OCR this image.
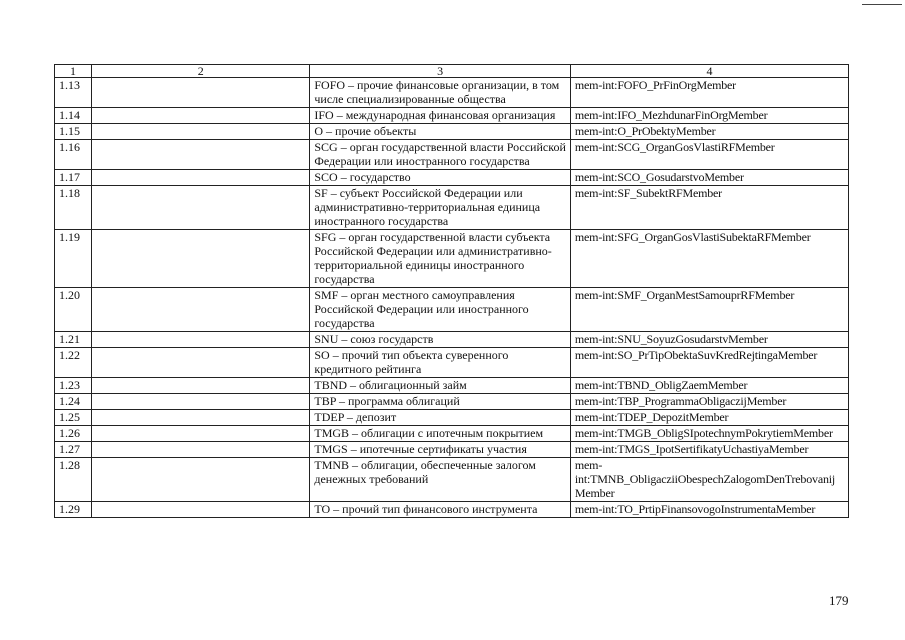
1	2	3	4
1.13		FOFO – прочие финансовые организации, в том числе специализированные общества	mem-int:FOFO_PrFinOrgMember
1.14		IFO – международная финансовая организация	mem-int:IFO_MezhdunarFinOrgMember
1.15		O – прочие объекты	mem-int:O_PrObektyMember
1.16		SCG – орган государственной власти Российской Федерации или иностранного государства	mem-int:SCG_OrganGosVlastiRFMember
1.17		SCO – государство	mem-int:SCO_GosudarstvoMember
1.18		SF – субъект Российской Федерации или административно-территориальная единица иностранного государства	mem-int:SF_SubektRFMember
1.19		SFG – орган государственной власти субъекта Российской Федерации или административно-территориальной единицы иностранного государства	mem-int:SFG_OrganGosVlastiSubektaRFMember
1.20		SMF – орган местного самоуправления Российской Федерации или иностранного государства	mem-int:SMF_OrganMestSamouprRFMember
1.21		SNU – союз государств	mem-int:SNU_SoyuzGosudarstvMember
1.22		SO – прочий тип объекта суверенного кредитного рейтинга	mem-int:SO_PrTipObektaSuvKredRejtingaMember
1.23		TBND – облигационный займ	mem-int:TBND_ObligZaemMember
1.24		TBP – программа облигаций	mem-int:TBP_ProgrammaObligaczijMember
1.25		TDEP – депозит	mem-int:TDEP_DepozitMember
1.26		TMGB – облигации с ипотечным покрытием	mem-int:TMGB_ObligSIpotechnymPokrytiemMember
1.27		TMGS – ипотечные сертификаты участия	mem-int:TMGS_IpotSertifikatyUchastiyaMember
1.28		TMNB – облигации, обеспеченные залогом денежных требований	mem-int:TMNB_ObligacziiObespechZalogomDenTrebovanijMember
1.29		TO – прочий тип финансового инструмента	mem-int:TO_PrtipFinansovogoInstrumentaMember
179
